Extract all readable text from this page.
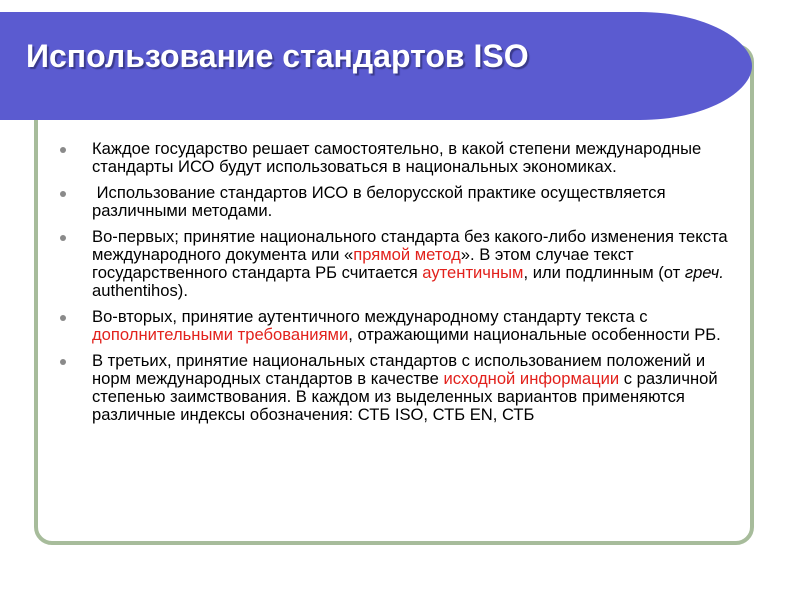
Использование стандартов ISO
Каждое государство решает самостоятельно, в какой степени международные стандарты ИСО будут использоваться в национальных экономиках.
Использование стандартов ИСО в белорусской практике осуществляется различными методами.
Во-первых; принятие национального стандарта без какого-либо изменения текста международного документа или «прямой метод». В этом случае текст государственного стандарта РБ считается аутентичным, или подлинным (от греч. authentihos).
Во-вторых, принятие аутентичного международному стандарту текста с дополнительными требованиями, отражающими национальные особенности РБ.
В третьих, принятие национальных стандартов с использованием положений и норм международных стандартов в качестве исходной информации с различной степенью заимствования. В каждом из выделенных вариантов применяются различные индексы обозначения: СТБ ISO, СТБ EN, СТБ
